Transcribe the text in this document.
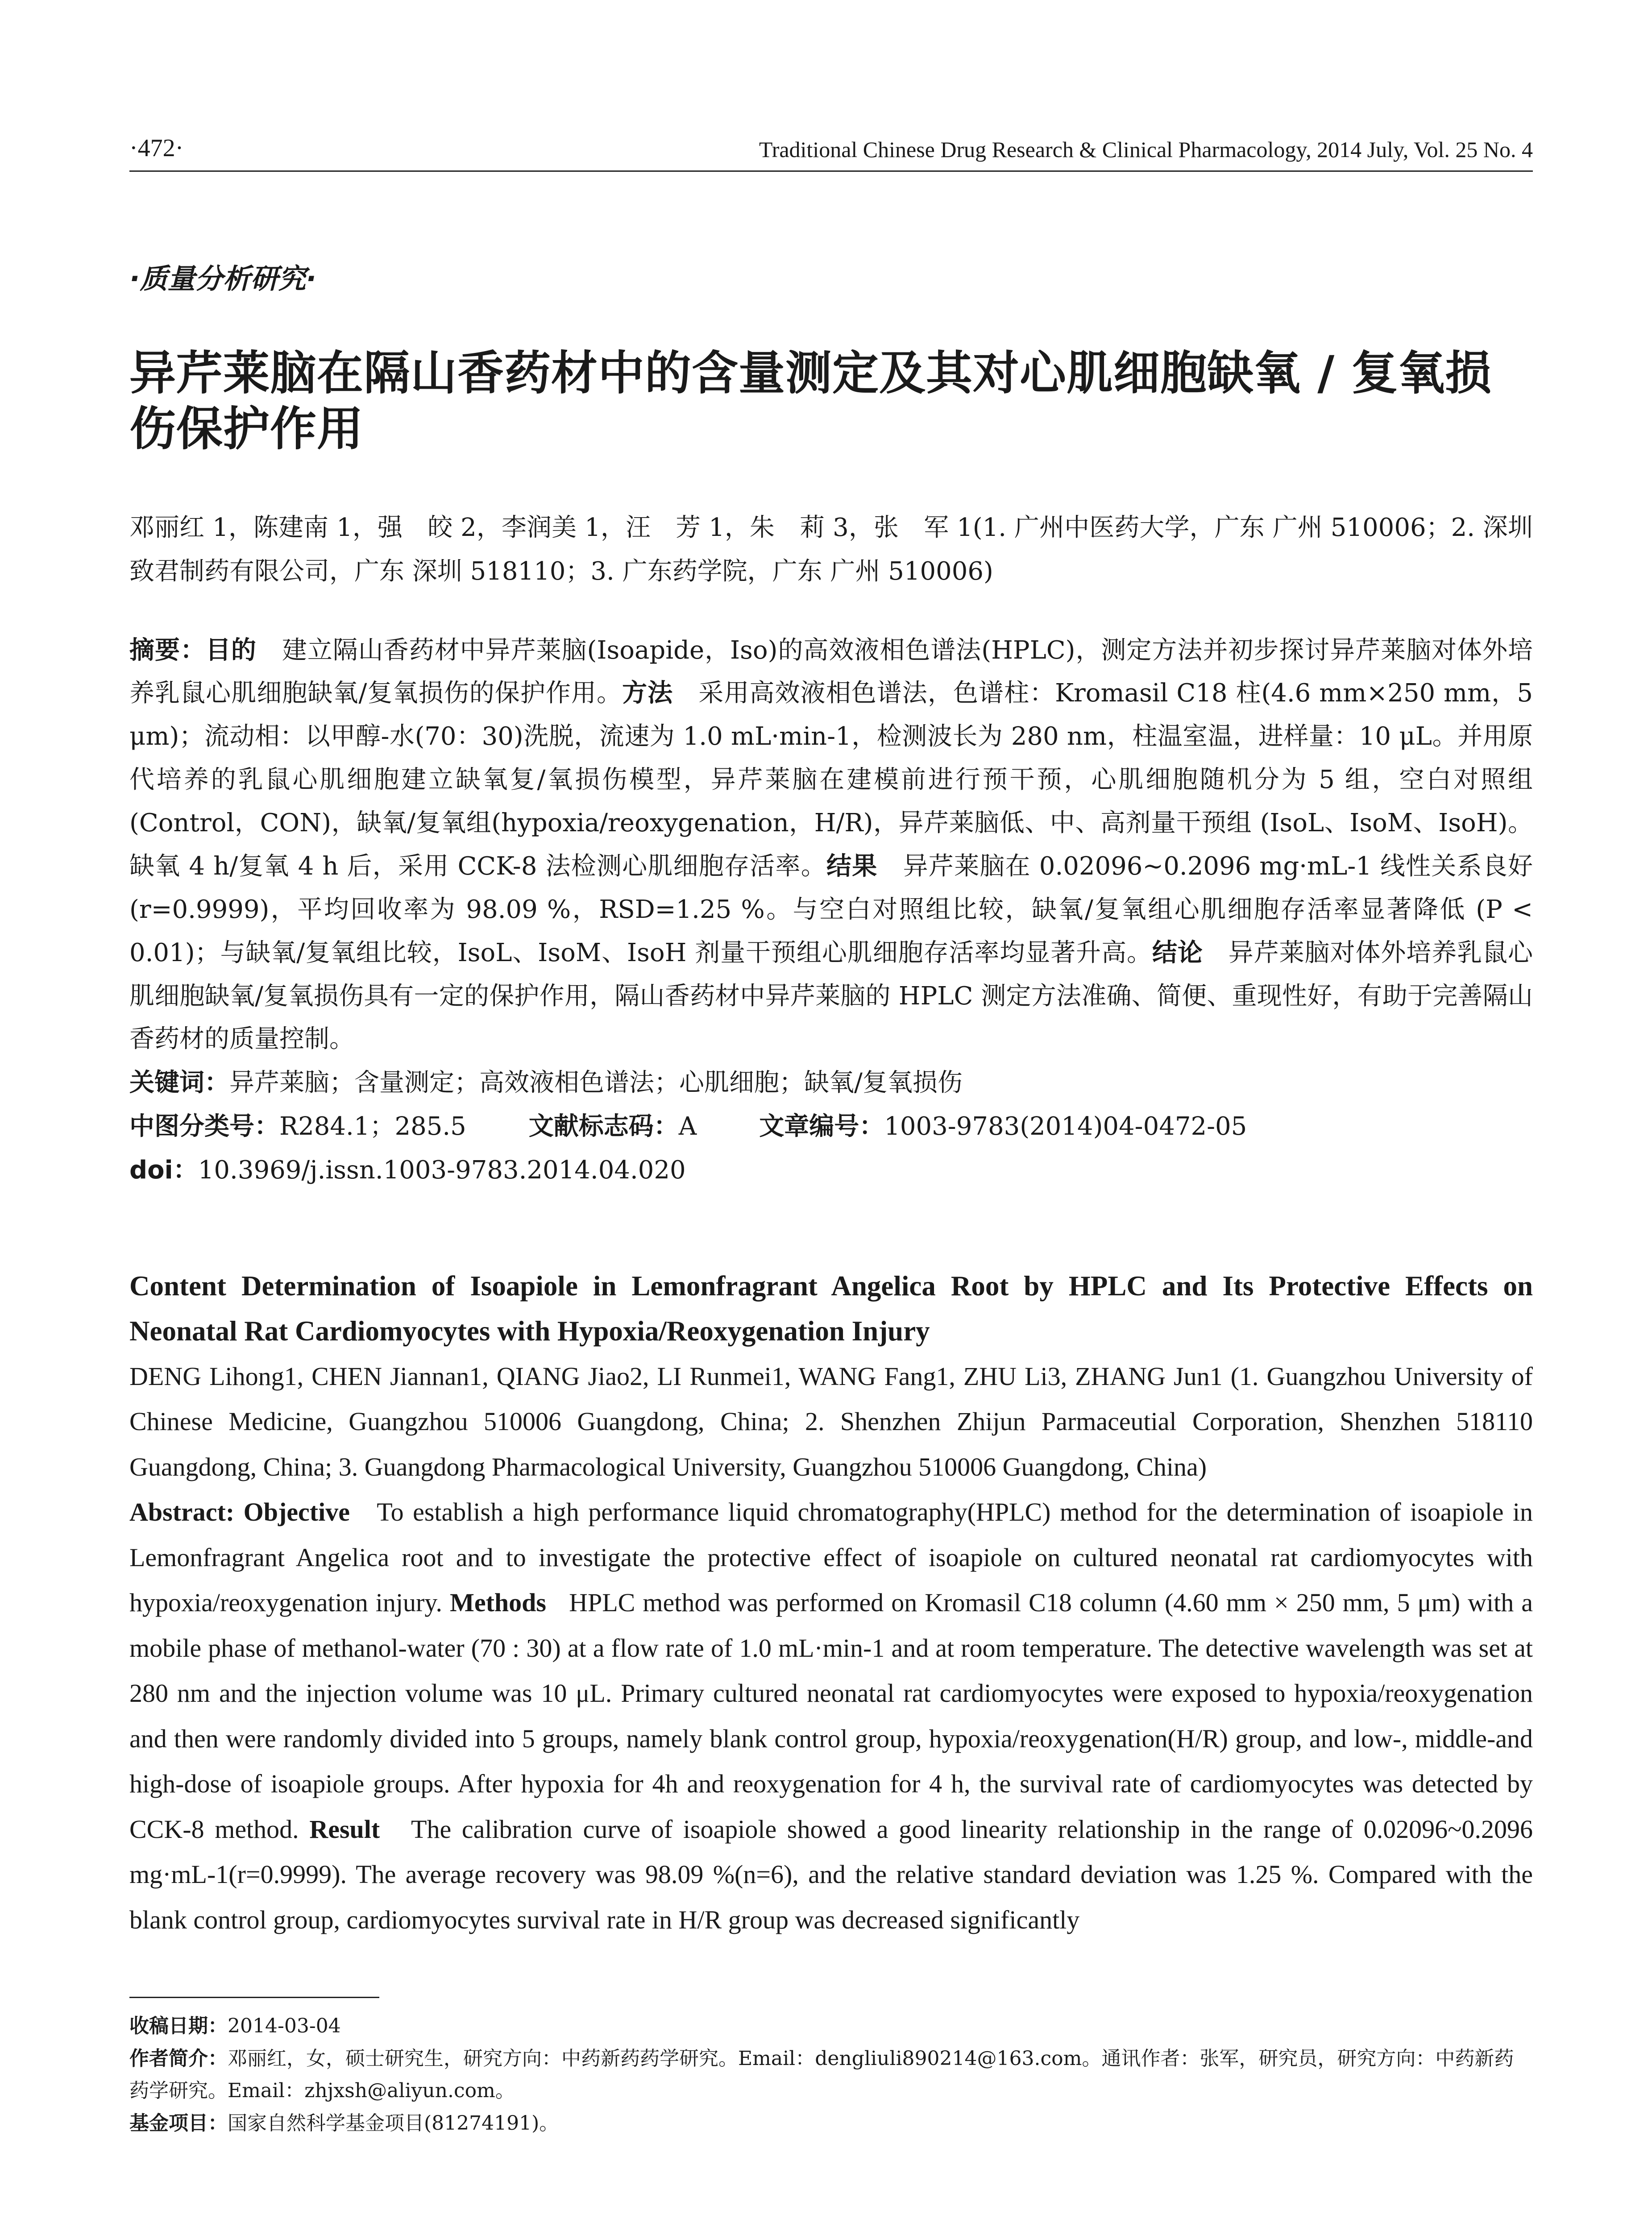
·472·	Traditional Chinese Drug Research & Clinical Pharmacology, 2014 July, Vol. 25 No. 4
·质量分析研究·
异芹莱脑在隔山香药材中的含量测定及其对心肌细胞缺氧 / 复氧损伤保护作用
邓丽红 1，陈建南 1，强　皎 2，李润美 1，汪　芳 1，朱　莉 3，张　军 1(1. 广州中医药大学，广东 广州 510006；2. 深圳致君制药有限公司，广东 深圳 518110；3. 广东药学院，广东 广州 510006)
摘要：目的　 建立隔山香药材中异芹莱脑(Isoapide，Iso)的高效液相色谱法(HPLC)，测定方法并初步探讨异芹莱脑对体外培养乳鼠心肌细胞缺氧/复氧损伤的保护作用。方法　 采用高效液相色谱法，色谱柱：Kromasil C18 柱(4.6 mm×250 mm，5 μm)；流动相：以甲醇-水(70：30)洗脱，流速为 1.0 mL·min-1，检测波长为 280 nm，柱温室温，进样量：10 μL。并用原代培养的乳鼠心肌细胞建立缺氧复/氧损伤模型，异芹莱脑在建模前进行预干预，心肌细胞随机分为 5 组，空白对照组(Control，CON)，缺氧/复氧组(hypoxia/reoxygenation，H/R)，异芹莱脑低、中、高剂量干预组 (IsoL、IsoM、IsoH)。缺氧 4 h/复氧 4 h 后，采用 CCK-8 法检测心肌细胞存活率。结果　 异芹莱脑在 0.02096~0.2096 mg·mL-1 线性关系良好(r=0.9999)，平均回收率为 98.09 %，RSD=1.25 %。与空白对照组比较，缺氧/复氧组心肌细胞存活率显著降低 (P < 0.01)；与缺氧/复氧组比较，IsoL、IsoM、IsoH 剂量干预组心肌细胞存活率均显著升高。结论　 异芹莱脑对体外培养乳鼠心肌细胞缺氧/复氧损伤具有一定的保护作用，隔山香药材中异芹莱脑的 HPLC 测定方法准确、简便、重现性好，有助于完善隔山香药材的质量控制。
关键词：异芹莱脑；含量测定；高效液相色谱法；心肌细胞；缺氧/复氧损伤
中图分类号：R284.1；285.5	文献标志码：A	文章编号：1003-9783(2014)04-0472-05
doi：10.3969/j.issn.1003-9783.2014.04.020
Content Determination of Isoapiole in Lemonfragrant Angelica Root by HPLC and Its Protective Effects on Neonatal Rat Cardiomyocytes with Hypoxia/Reoxygenation Injury
DENG Lihong1, CHEN Jiannan1, QIANG Jiao2, LI Runmei1, WANG Fang1, ZHU Li3, ZHANG Jun1 (1. Guangzhou University of Chinese Medicine, Guangzhou 510006 Guangdong, China; 2. Shenzhen Zhijun Parmaceutial Corporation, Shenzhen 518110 Guangdong, China; 3. Guangdong Pharmacological University, Guangzhou 510006 Guangdong, China)
Abstract: Objective To establish a high performance liquid chromatography(HPLC) method for the determination of isoapiole in Lemonfragrant Angelica root and to investigate the protective effect of isoapiole on cultured neonatal rat cardiomyocytes with hypoxia/reoxygenation injury. Methods HPLC method was performed on Kromasil C18 column (4.60 mm × 250 mm, 5 μm) with a mobile phase of methanol-water (70 : 30) at a flow rate of 1.0 mL·min-1 and at room temperature. The detective wavelength was set at 280 nm and the injection volume was 10 μL. Primary cultured neonatal rat cardiomyocytes were exposed to hypoxia/reoxygenation and then were randomly divided into 5 groups, namely blank control group, hypoxia/reoxygenation(H/R) group, and low-, middle-and high-dose of isoapiole groups. After hypoxia for 4h and reoxygenation for 4 h, the survival rate of cardiomyocytes was detected by CCK-8 method. Result The calibration curve of isoapiole showed a good linearity relationship in the range of 0.02096~0.2096 mg·mL-1(r=0.9999). The average recovery was 98.09 %(n=6), and the relative standard deviation was 1.25 %. Compared with the blank control group, cardiomyocytes survival rate in H/R group was decreased significantly
收稿日期：2014-03-04
作者简介：邓丽红，女，硕士研究生，研究方向：中药新药药学研究。Email：dengliuli890214@163.com。通讯作者：张军，研究员，研究方向：中药新药药学研究。Email：zhjxsh@aliyun.com。
基金项目：国家自然科学基金项目(81274191)。
